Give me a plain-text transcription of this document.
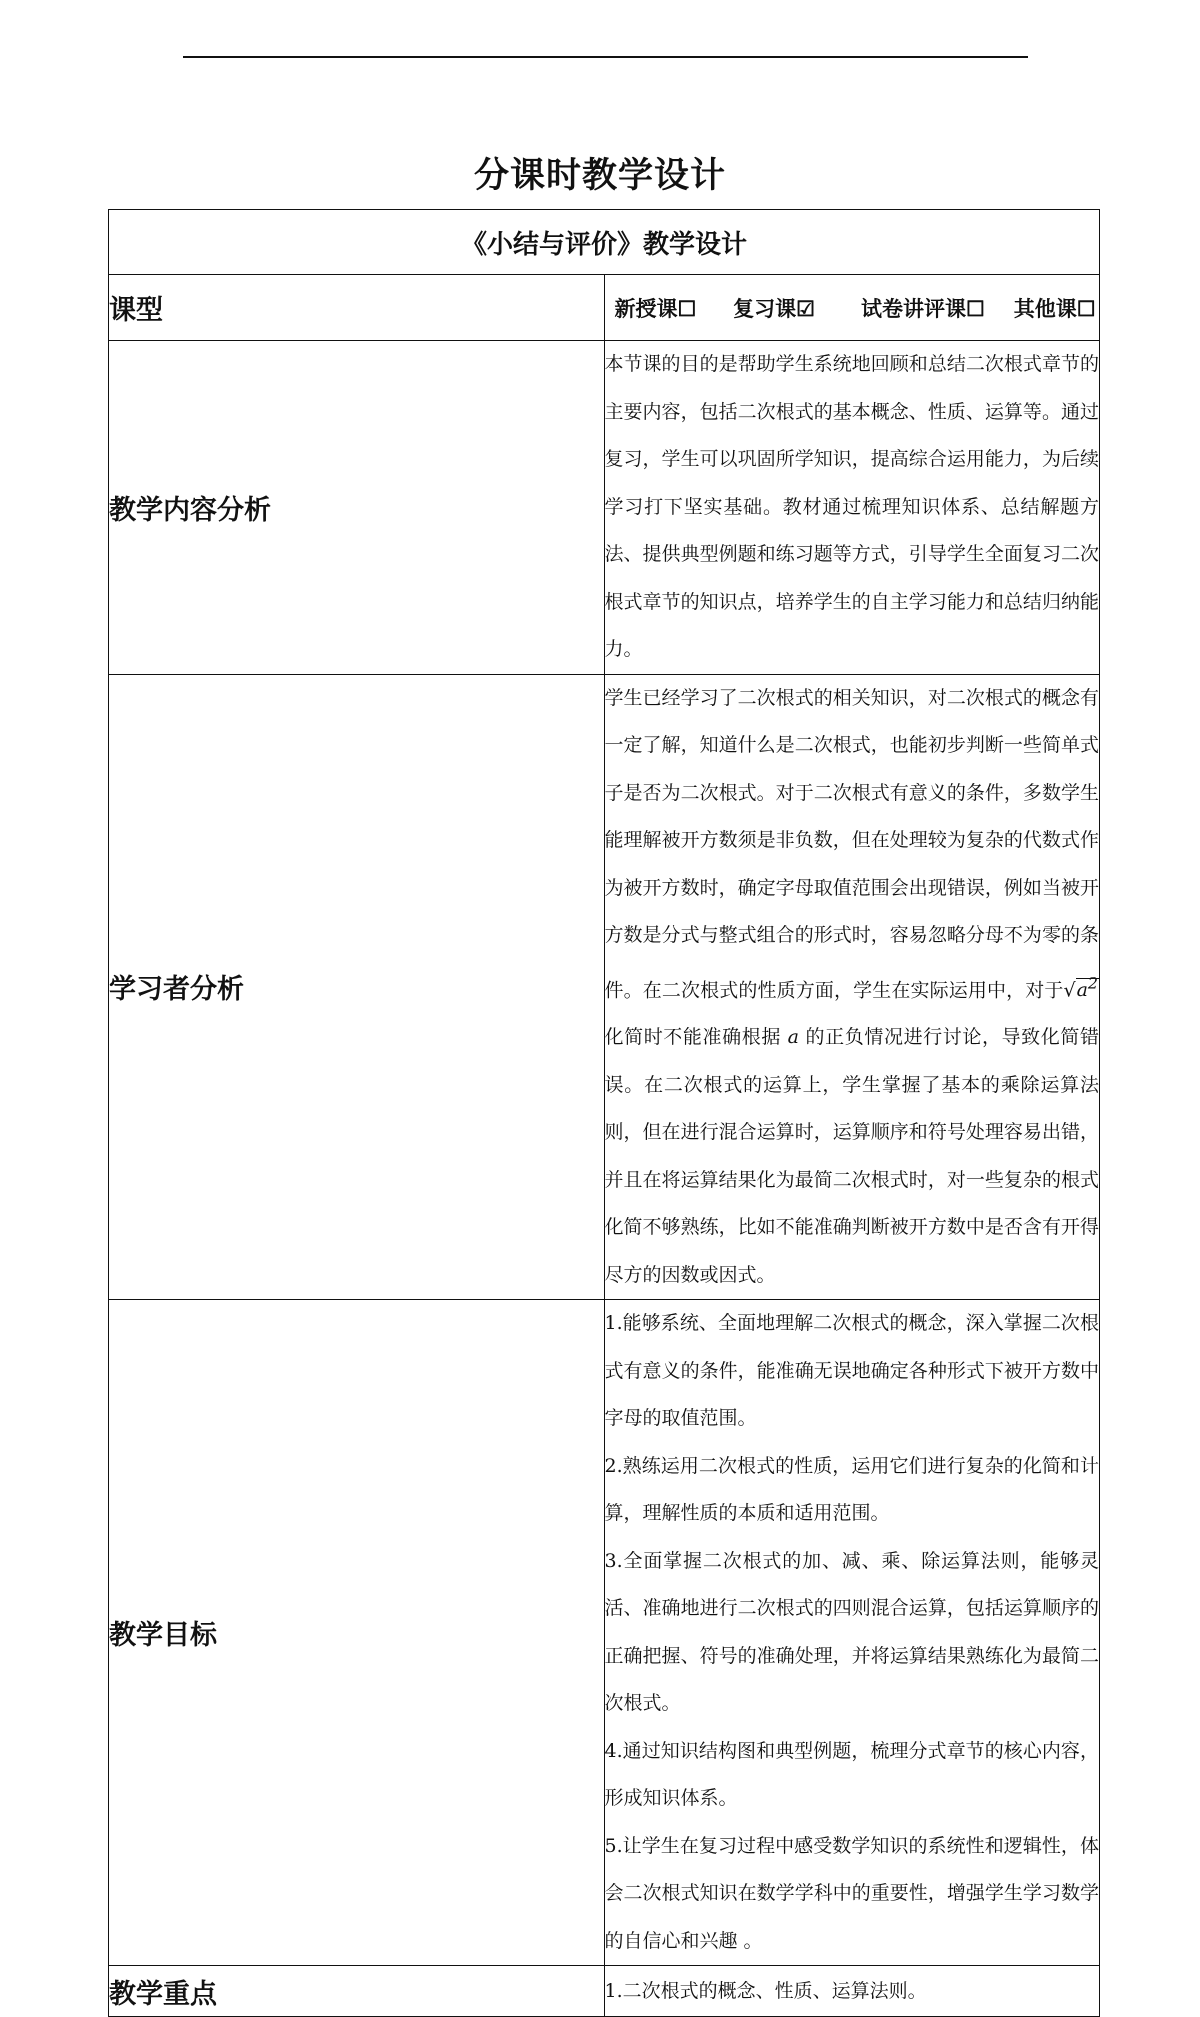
分课时教学设计
《小结与评价》教学设计	
课型	新授课☐ 复习课☑ 试卷讲评课☐ 其他课☐

教学内容分析	本节课的目的是帮助学生系统地回顾和总结二次根式章节的主要内容，包括二次根式的基本概念、性质、运算等。通过复习，学生可以巩固所学知识，提高综合运用能力，为后续学习打下坚实基础。教材通过梳理知识体系、总结解题方法、提供典型例题和练习题等方式，引导学生全面复习二次根式章节的知识点，培养学生的自主学习能力和总结归纳能力。
学习者分析	学生已经学习了二次根式的相关知识，对二次根式的概念有一定了解，知道什么是二次根式，也能初步判断一些简单式子是否为二次根式。对于二次根式有意义的条件，多数学生能理解被开方数须是非负数，但在处理较为复杂的代数式作为被开方数时，确定字母取值范围会出现错误，例如当被开方数是分式与整式组合的形式时，容易忽略分母不为零的条件。在二次根式的性质方面，学生在实际运用中，对于$√a^2$化简时不能准确根据 a 的正负情况进行讨论，导致化简错误。在二次根式的运算上，学生掌握了基本的乘除运算法则，但在进行混合运算时，运算顺序和符号处理容易出错，并且在将运算结果化为最简二次根式时，对一些复杂的根式化简不够熟练，比如不能准确判断被开方数中是否含有开得尽方的因数或因式。
教学目标	1.能够系统、全面地理解二次根式的概念，深入掌握二次根式有意义的条件，能准确无误地确定各种形式下被开方数中字母的取值范围。

2.熟练运用二次根式的性质，运用它们进行复杂的化简和计算，理解性质的本质和适用范围。

3.全面掌握二次根式的加、减、乘、除运算法则，能够灵活、准确地进行二次根式的四则混合运算，包括运算顺序的正确把握、符号的准确处理，并将运算结果熟练化为最简二次根式。

4.通过知识结构图和典型例题，梳理分式章节的核心内容，形成知识体系。

5.让学生在复习过程中感受数学知识的系统性和逻辑性，体会二次根式知识在数学学科中的重要性，增强学生学习数学的自信心和兴趣 。

教学重点	1.二次根式的概念、性质、运算法则。
